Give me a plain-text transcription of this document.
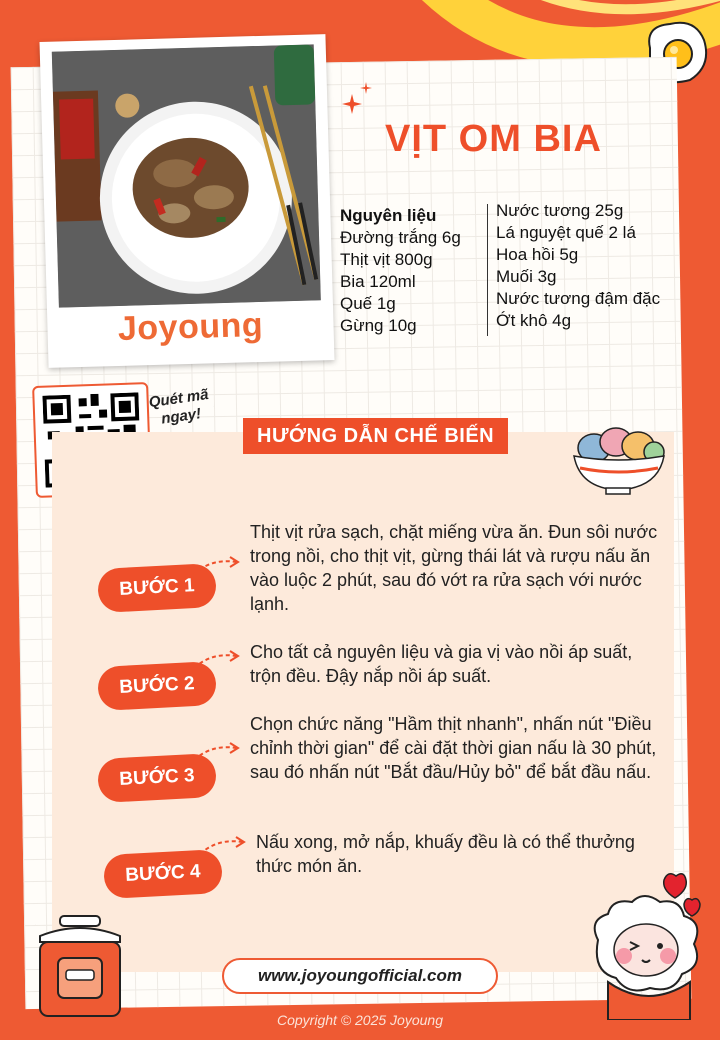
Joyoung
VỊT OM BIA
Nguyên liệu
Đường trắng 6g
Thịt vịt 800g
Bia 120ml
Quế 1g
Gừng 10g
Nước tương 25g
Lá nguyệt quế 2 lá
Hoa hồi 5g
Muối 3g
Nước tương đậm đặc
Ớt khô 4g
Quét mã
ngay!
HƯỚNG DẪN CHẾ BIẾN
BƯỚC 1
Thịt vịt rửa sạch, chặt miếng vừa ăn. Đun sôi nước trong nồi, cho thịt vịt, gừng thái lát và rượu nấu ăn vào luộc 2 phút, sau đó vớt ra rửa sạch với nước lạnh.
BƯỚC 2
Cho tất cả nguyên liệu và gia vị vào nồi áp suất, trộn đều. Đậy nắp nồi áp suất.
BƯỚC 3
Chọn chức năng "Hầm thịt nhanh", nhấn nút "Điều chỉnh thời gian" để cài đặt thời gian nấu là 30 phút, sau đó nhấn nút "Bắt đầu/Hủy bỏ" để bắt đầu nấu.
BƯỚC 4
Nấu xong, mở nắp, khuấy đều là có thể thưởng thức món ăn.
www.joyoungofficial.com
Copyright © 2025 Joyoung
